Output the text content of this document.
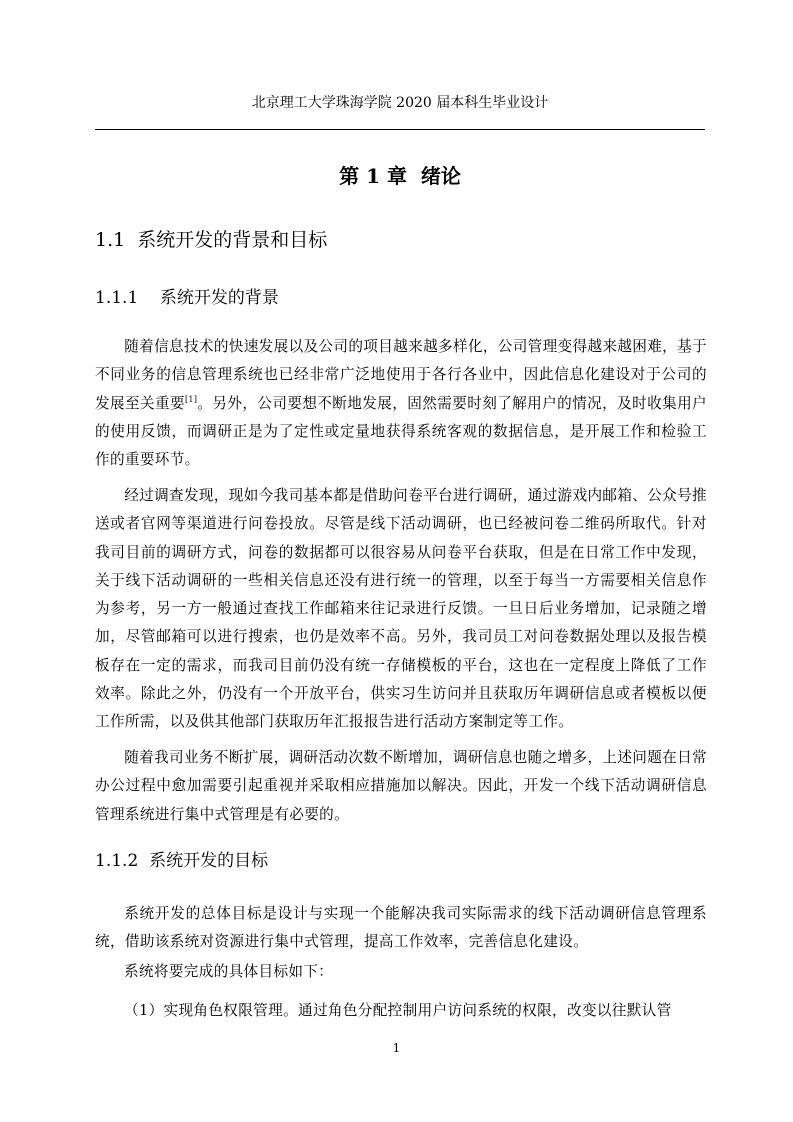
北京理工大学珠海学院 2020 届本科生毕业设计
第 1 章  绪论
1.1  系统开发的背景和目标
1.1.1    系统开发的背景

随着信息技术的快速发展以及公司的项目越来越多样化，公司管理变得越来越困难，基于不同业务的信息管理系统也已经非常广泛地使用于各行各业中，因此信息化建设对于公司的发展至关重要[1]。另外，公司要想不断地发展，固然需要时刻了解用户的情况，及时收集用户的使用反馈，而调研正是为了定性或定量地获得系统客观的数据信息，是开展工作和检验工作的重要环节。

经过调查发现，现如今我司基本都是借助问卷平台进行调研，通过游戏内邮箱、公众号推送或者官网等渠道进行问卷投放。尽管是线下活动调研，也已经被问卷二维码所取代。针对我司目前的调研方式，问卷的数据都可以很容易从问卷平台获取，但是在日常工作中发现，关于线下活动调研的一些相关信息还没有进行统一的管理，以至于每当一方需要相关信息作为参考，另一方一般通过查找工作邮箱来往记录进行反馈。一旦日后业务增加，记录随之增加，尽管邮箱可以进行搜索，也仍是效率不高。另外，我司员工对问卷数据处理以及报告模板存在一定的需求，而我司目前仍没有统一存储模板的平台，这也在一定程度上降低了工作效率。除此之外，仍没有一个开放平台，供实习生访问并且获取历年调研信息或者模板以便工作所需，以及供其他部门获取历年汇报报告进行活动方案制定等工作。

随着我司业务不断扩展，调研活动次数不断增加，调研信息也随之增多，上述问题在日常办公过程中愈加需要引起重视并采取相应措施加以解决。因此，开发一个线下活动调研信息管理系统进行集中式管理是有必要的。

1.1.2  系统开发的目标

系统开发的总体目标是设计与实现一个能解决我司实际需求的线下活动调研信息管理系统，借助该系统对资源进行集中式管理，提高工作效率，完善信息化建设。

系统将要完成的具体目标如下：
（1）实现角色权限管理。通过角色分配控制用户访问系统的权限，改变以往默认管
1
